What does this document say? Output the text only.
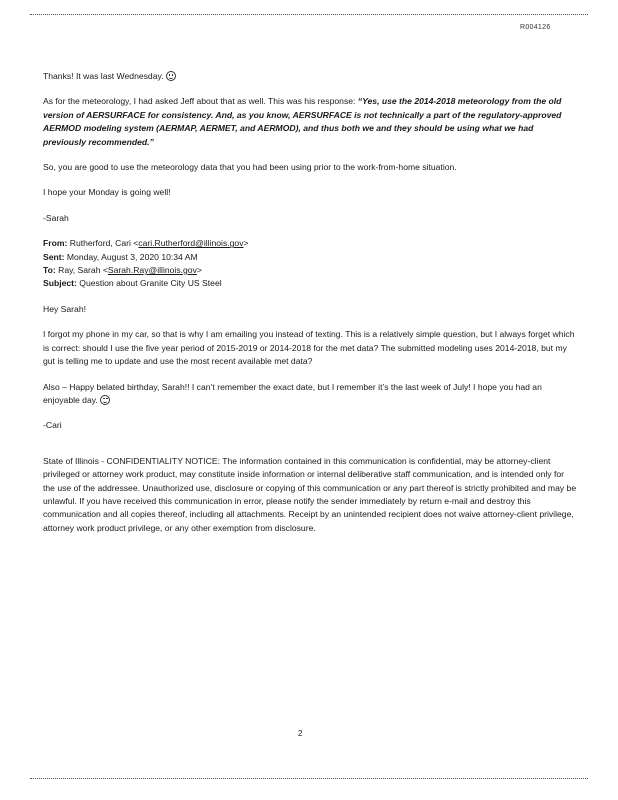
R004126

Thanks! It was last Wednesday.

As for the meteorology, I had asked Jeff about that as well. This was his response: “Yes, use the 2014-2018 meteorology from the old version of AERSURFACE for consistency. And, as you know, AERSURFACE is not technically a part of the regulatory-approved AERMOD modeling system (AERMAP, AERMET, and AERMOD), and thus both we and they should be using what we had previously recommended.”

So, you are good to use the meteorology data that you had been using prior to the work-from-home situation.

I hope your Monday is going well!

-Sarah

From: Rutherford, Cari <cari.Rutherford@illinois.gov>

Sent: Monday, August 3, 2020 10:34 AM

To: Ray, Sarah <Sarah.Ray@illinois.gov>

Subject: Question about Granite City US Steel

Hey Sarah!

I forgot my phone in my car, so that is why I am emailing you instead of texting. This is a relatively simple question, but I always forget which is correct: should I use the five year period of 2015-2019 or 2014-2018 for the met data? The submitted modeling uses 2014-2018, but my gut is telling me to update and use the most recent available met data?

Also – Happy belated birthday, Sarah!! I can’t remember the exact date, but I remember it’s the last week of July! I hope you had an enjoyable day.

-Cari

State of Illinois - CONFIDENTIALITY NOTICE: The information contained in this communication is confidential, may be attorney-client privileged or attorney work product, may constitute inside information or internal deliberative staff communication, and is intended only for the use of the addressee. Unauthorized use, disclosure or copying of this communication or any part thereof is strictly prohibited and may be unlawful. If you have received this communication in error, please notify the sender immediately by return e-mail and destroy this communication and all copies thereof, including all attachments. Receipt by an unintended recipient does not waive attorney-client privilege, attorney work product privilege, or any other exemption from disclosure.

2
